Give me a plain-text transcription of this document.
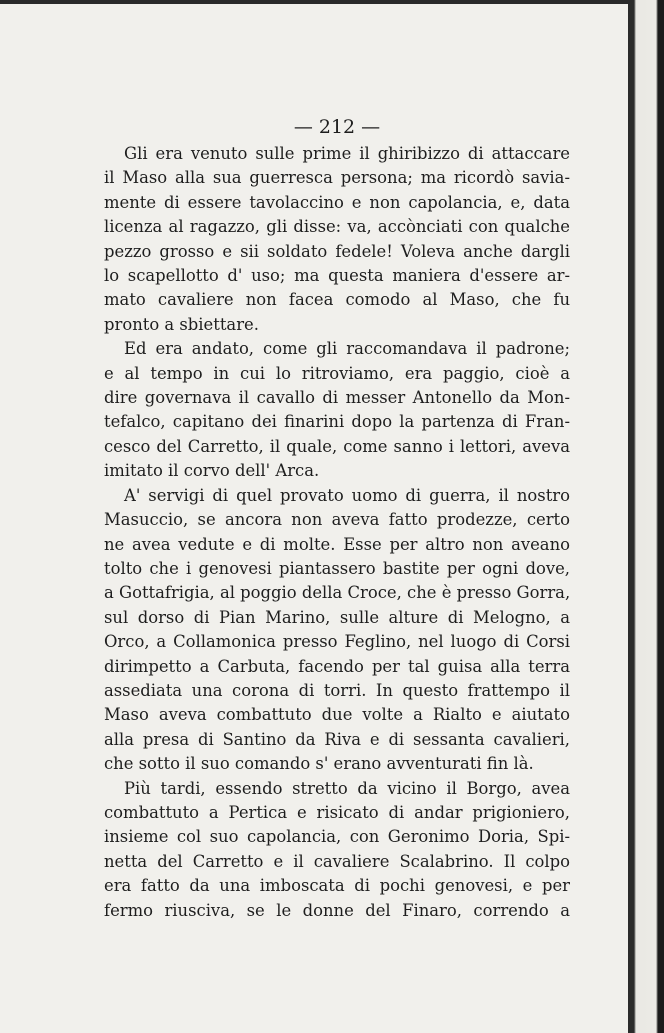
— 212 —

Gli era venuto sulle prime il ghiribizzo di attaccare
il Maso alla sua guerresca persona; ma ricordò savia-
mente di essere tavolaccino e non capolancia, e, data
licenza al ragazzo, gli disse: va, accònciati con qualche
pezzo grosso e sii soldato fedele! Voleva anche dargli
lo scapellotto d' uso; ma questa maniera d'essere ar-
mato cavaliere non facea comodo al Maso, che fu
pronto a sbiettare.

Ed era andato, come gli raccomandava il padrone;
e al tempo in cui lo ritroviamo, era paggio, cioè a
dire governava il cavallo di messer Antonello da Mon-
tefalco, capitano dei finarini dopo la partenza di Fran-
cesco del Carretto, il quale, come sanno i lettori, aveva
imitato il corvo dell' Arca.

A' servigi di quel provato uomo di guerra, il nostro
Masuccio, se ancora non aveva fatto prodezze, certo
ne avea vedute e di molte. Esse per altro non aveano
tolto che i genovesi piantassero bastite per ogni dove,
a Gottafrigia, al poggio della Croce, che è presso Gorra,
sul dorso di Pian Marino, sulle alture di Melogno, a
Orco, a Collamonica presso Feglino, nel luogo di Corsi
dirimpetto a Carbuta, facendo per tal guisa alla terra
assediata una corona di torri. In questo frattempo il
Maso aveva combattuto due volte a Rialto e aiutato
alla presa di Santino da Riva e di sessanta cavalieri,
che sotto il suo comando s' erano avventurati fin là.

Più tardi, essendo stretto da vicino il Borgo, avea
combattuto a Pertica e risicato di andar prigioniero,
insieme col suo capolancia, con Geronimo Doria, Spi-
netta del Carretto e il cavaliere Scalabrino. Il colpo
era fatto da una imboscata di pochi genovesi, e per
fermo riusciva, se le donne del Finaro, correndo a
